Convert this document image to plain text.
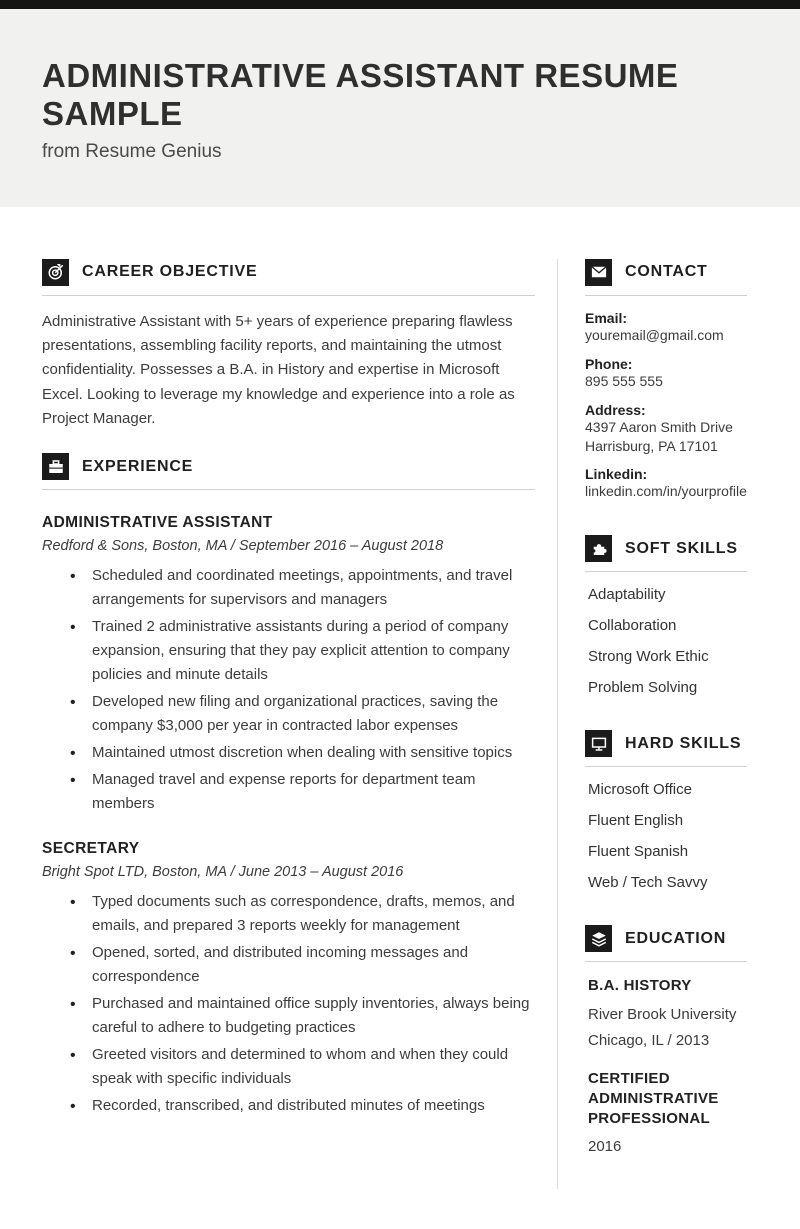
ADMINISTRATIVE ASSISTANT RESUME SAMPLE
from Resume Genius
CAREER OBJECTIVE

Administrative Assistant with 5+ years of experience preparing flawless presentations, assembling facility reports, and maintaining the utmost confidentiality. Possesses a B.A. in History and expertise in Microsoft Excel. Looking to leverage my knowledge and experience into a role as Project Manager.

EXPERIENCE
ADMINISTRATIVE ASSISTANT
Redford & Sons, Boston, MA / September 2016 – August 2018
• Scheduled and coordinated meetings, appointments, and travel arrangements for supervisors and managers
• Trained 2 administrative assistants during a period of company expansion, ensuring that they pay explicit attention to company policies and minute details
• Developed new filing and organizational practices, saving the company $3,000 per year in contracted labor expenses
• Maintained utmost discretion when dealing with sensitive topics
• Managed travel and expense reports for department team members
SECRETARY
Bright Spot LTD, Boston, MA / June 2013 – August 2016
• Typed documents such as correspondence, drafts, memos, and emails, and prepared 3 reports weekly for management
• Opened, sorted, and distributed incoming messages and correspondence
• Purchased and maintained office supply inventories, always being careful to adhere to budgeting practices
• Greeted visitors and determined to whom and when they could speak with specific individuals
• Recorded, transcribed, and distributed minutes of meetings
CONTACT
Email:
youremail@gmail.com
Phone:
895 555 555
Address:
4397 Aaron Smith Drive
Harrisburg, PA 17101
Linkedin:
linkedin.com/in/yourprofile
SOFT SKILLS
Adaptability
Collaboration
Strong Work Ethic
Problem Solving
HARD SKILLS
Microsoft Office
Fluent English
Fluent Spanish
Web / Tech Savvy
EDUCATION
B.A. HISTORY
River Brook University
Chicago, IL / 2013
CERTIFIED ADMINISTRATIVE PROFESSIONAL
2016
